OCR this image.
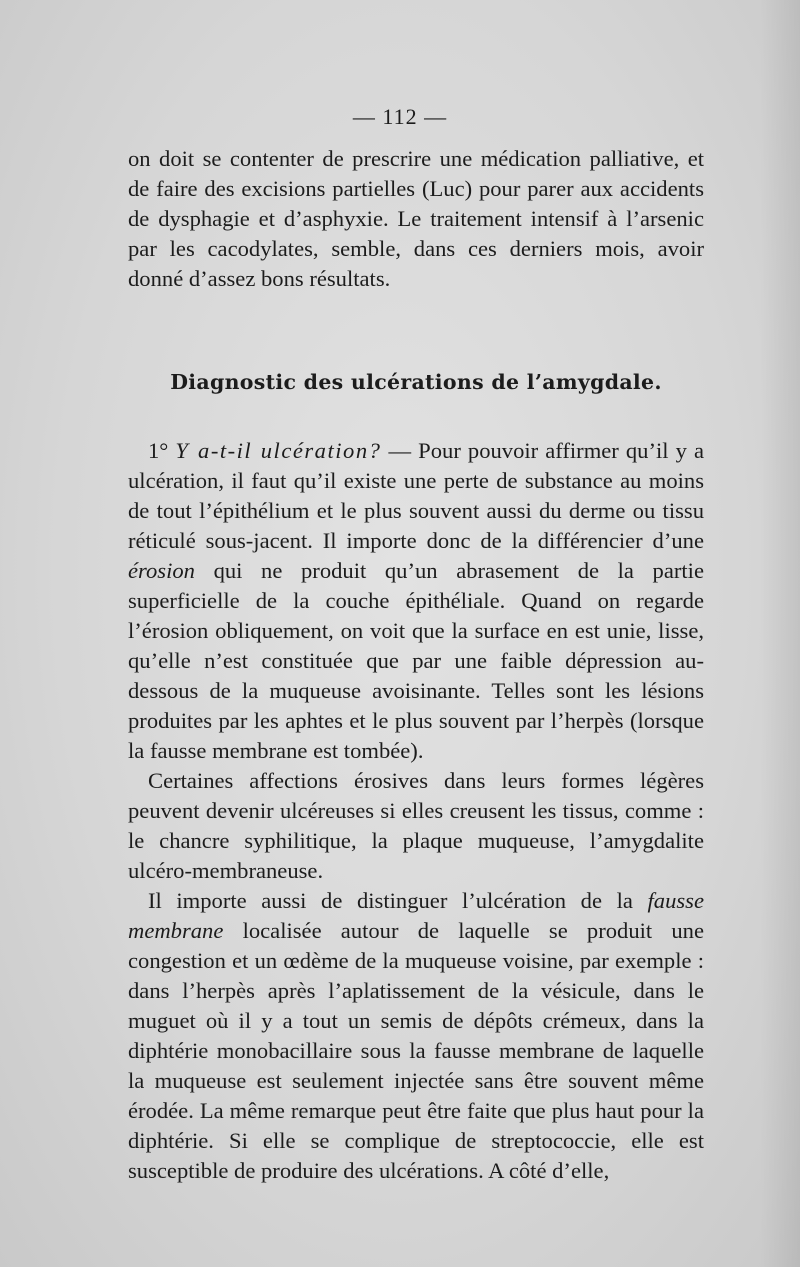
— 112 —

on doit se contenter de prescrire une médication palliative, et de faire des excisions partielles (Luc) pour parer aux accidents de dysphagie et d’asphyxie. Le traitement intensif à l’arsenic par les cacodylates, semble, dans ces derniers mois, avoir donné d’assez bons résultats.

Diagnostic des ulcérations de l’amygdale.

1° Y a-t-il ulcération? — Pour pouvoir affirmer qu’il y a ulcération, il faut qu’il existe une perte de substance au moins de tout l’épithélium et le plus souvent aussi du derme ou tissu réticulé sous-jacent. Il importe donc de la différencier d’une érosion qui ne produit qu’un abrasement de la partie superficielle de la couche épithéliale. Quand on regarde l’érosion obliquement, on voit que la surface en est unie, lisse, qu’elle n’est constituée que par une faible dépression au-dessous de la muqueuse avoisinante. Telles sont les lésions produites par les aphtes et le plus souvent par l’herpès (lorsque la fausse membrane est tombée).

Certaines affections érosives dans leurs formes légères peuvent devenir ulcéreuses si elles creusent les tissus, comme : le chancre syphilitique, la plaque muqueuse, l’amygdalite ulcéro-membraneuse.

Il importe aussi de distinguer l’ulcération de la fausse membrane localisée autour de laquelle se produit une congestion et un œdème de la muqueuse voisine, par exemple : dans l’herpès après l’aplatissement de la vésicule, dans le muguet où il y a tout un semis de dépôts crémeux, dans la diphtérie monobacillaire sous la fausse membrane de laquelle la muqueuse est seulement injectée sans être souvent même érodée. La même remarque peut être faite que plus haut pour la diphtérie. Si elle se complique de streptococcie, elle est susceptible de produire des ulcérations. A côté d’elle,
